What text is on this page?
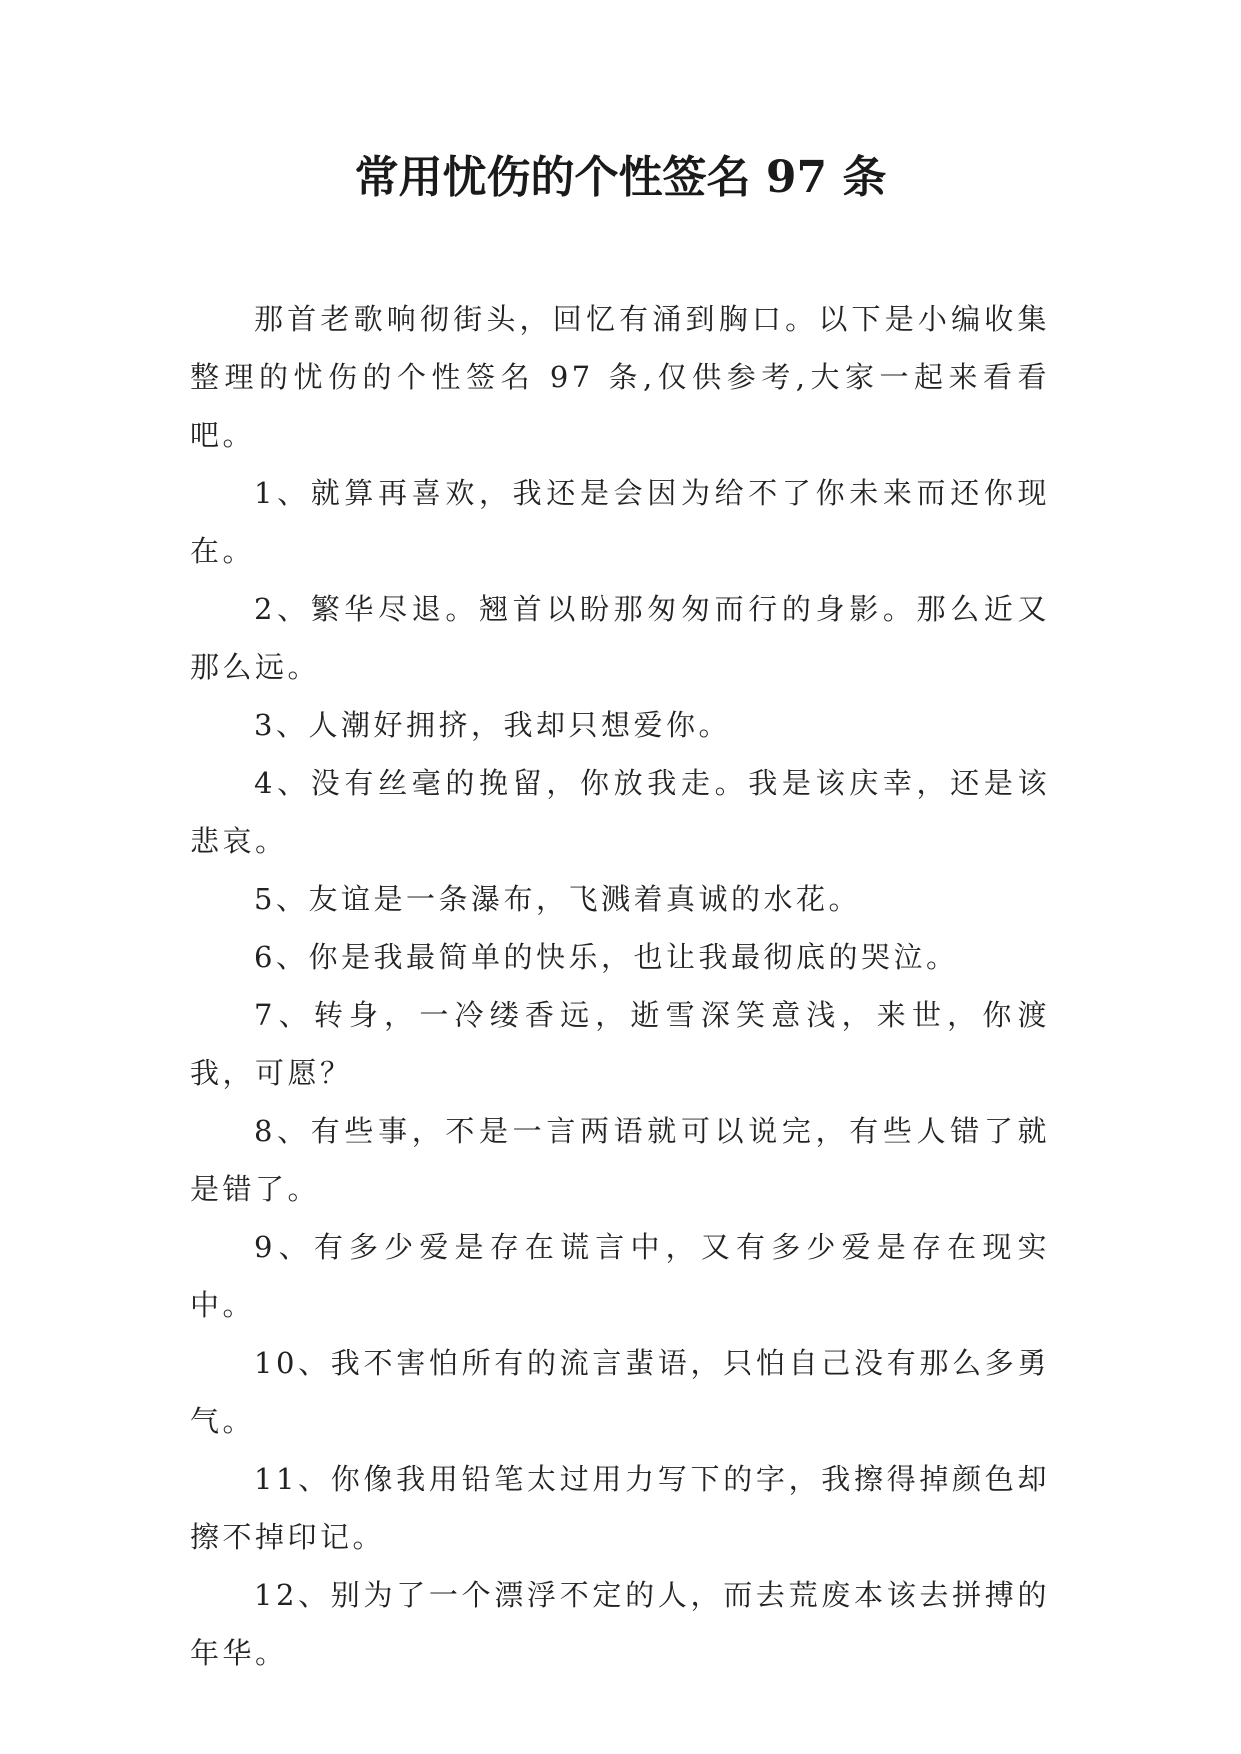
常用忧伤的个性签名 97 条

那首老歌响彻街头，回忆有涌到胸口。以下是小编收集整理的忧伤的个性签名 97 条,仅供参考,大家一起来看看吧。

1、就算再喜欢，我还是会因为给不了你未来而还你现在。

2、繁华尽退。翘首以盼那匆匆而行的身影。那么近又那么远。

3、人潮好拥挤，我却只想爱你。

4、没有丝毫的挽留，你放我走。我是该庆幸，还是该悲哀。

5、友谊是一条瀑布，飞溅着真诚的水花。

6、你是我最简单的快乐，也让我最彻底的哭泣。

7、转身，一冷缕香远，逝雪深笑意浅，来世，你渡我，可愿？

8、有些事，不是一言两语就可以说完，有些人错了就是错了。

9、有多少爱是存在谎言中，又有多少爱是存在现实中。

10、我不害怕所有的流言蜚语，只怕自己没有那么多勇气。

11、你像我用铅笔太过用力写下的字，我擦得掉颜色却擦不掉印记。

12、别为了一个漂浮不定的人，而去荒废本该去拼搏的年华。
